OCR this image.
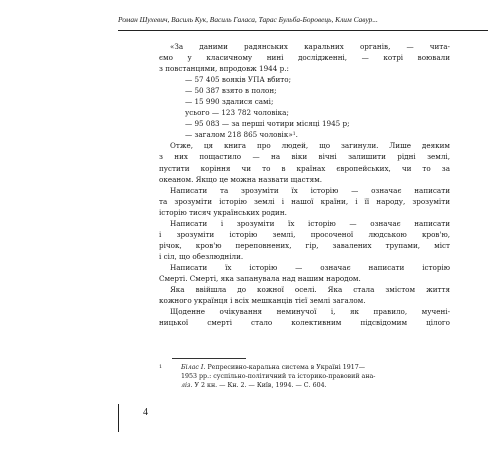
Роман Шухевич, Василь Кук, Василь Галаса, Тарас Бульба-Боровець, Клим Савур...
«За даними радянських каральних органів, — чита-
ємо у класичному нині дослідженні, — котрі воювали
з повстанцями, впродовж 1944 р.:
— 57 405 вояків УПА вбито;
— 50 387 взято в полон;
— 15 990 здалися самі;
усього — 123 782 чоловіка;
— 95 083 — за перші чотири місяці 1945 р;
— загалом 218 865 чоловік»$^1$.
Отже, ця книга про людей, що загинули. Лише деяким
з них пощастило — на віки вічні залишити рідні землі,
пустити коріння чи то в країнах європейських, чи то за
океаном. Якщо це можна назвати щастям.
Написати та зрозуміти їх історію — означає написати
та зрозуміти історію землі і нашої країни, і її народу, зрозуміти
історію тисяч українських родин.
Написати і зрозуміти їх історію — означає написати
і зрозуміти історію землі, просоченої людською кров'ю,
річок, кров'ю переповнених, гір, завалених трупами, міст
і сіл, що обезлюдніли.
Написати їх історію — означає написати історію
Смерті. Смерті, яка запанувала над нашим народом.
Яка ввійшла до кожної оселі. Яка стала змістом життя
кожного українця і всіх мешканців тієї землі загалом.
Щоденне очікування неминучої і, як правило, мучені-
ницької смерті стало колективним підсвідомим цілого
1	Білас І. Репресивно-каральна система в Україні 1917—
1953 рр.: суспільно-політичний та історико-правовий ана-
ліз. У 2 кн. — Кн. 2. — Київ, 1994. — С. 604.
4
